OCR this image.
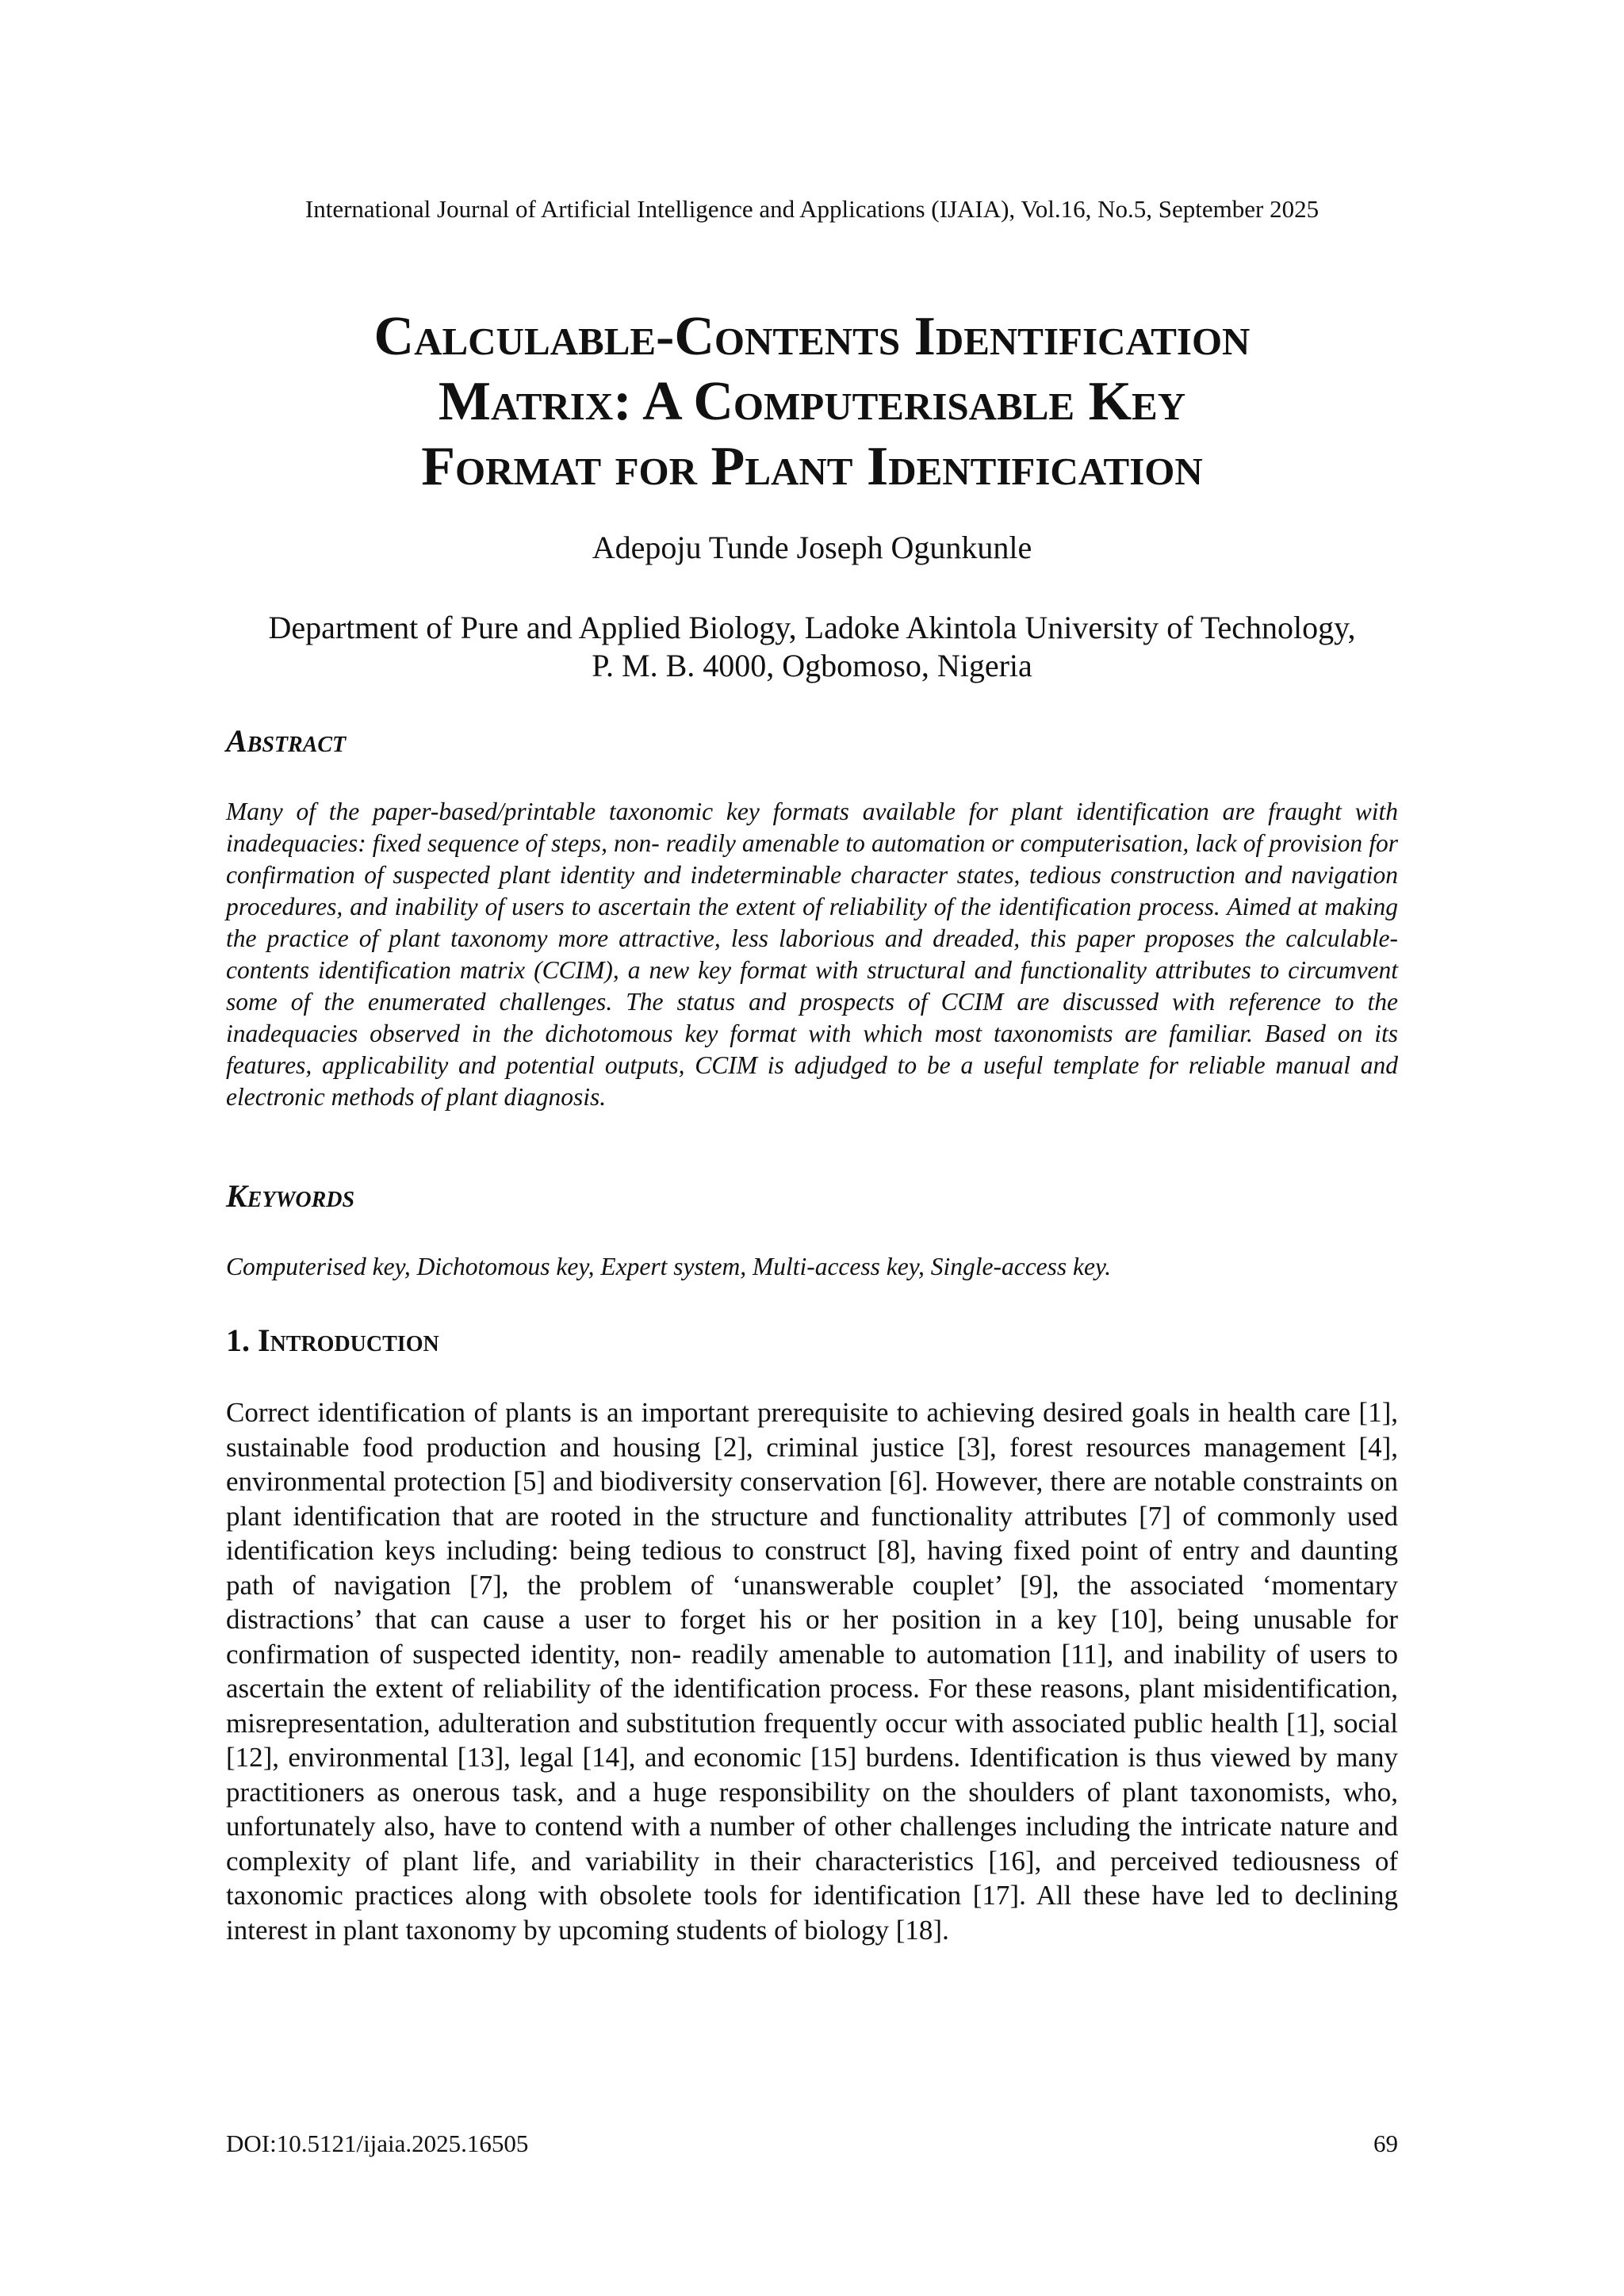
International Journal of Artificial Intelligence and Applications (IJAIA), Vol.16, No.5, September 2025
Calculable-Contents Identification
Matrix: A Computerisable Key
Format for Plant Identification
Adepoju Tunde Joseph Ogunkunle
Department of Pure and Applied Biology, Ladoke Akintola University of Technology,
P. M. B. 4000, Ogbomoso, Nigeria
Abstract

Many of the paper-based/printable taxonomic key formats available for plant identification are fraught with inadequacies: fixed sequence of steps, non- readily amenable to automation or computerisation, lack of provision for confirmation of suspected plant identity and indeterminable character states, tedious construction and navigation procedures, and inability of users to ascertain the extent of reliability of the identification process. Aimed at making the practice of plant taxonomy more attractive, less laborious and dreaded, this paper proposes the calculable-contents identification matrix (CCIM), a new key format with structural and functionality attributes to circumvent some of the enumerated challenges. The status and prospects of CCIM are discussed with reference to the inadequacies observed in the dichotomous key format with which most taxonomists are familiar. Based on its features, applicability and potential outputs, CCIM is adjudged to be a useful template for reliable manual and electronic methods of plant diagnosis.

Keywords

Computerised key, Dichotomous key, Expert system, Multi-access key, Single-access key.

1. Introduction

Correct identification of plants is an important prerequisite to achieving desired goals in health care [1], sustainable food production and housing [2], criminal justice [3], forest resources management [4], environmental protection [5] and biodiversity conservation [6]. However, there are notable constraints on plant identification that are rooted in the structure and functionality attributes [7] of commonly used identification keys including: being tedious to construct [8], having fixed point of entry and daunting path of navigation [7], the problem of ‘unanswerable couplet’ [9], the associated ‘momentary distractions’ that can cause a user to forget his or her position in a key [10], being unusable for confirmation of suspected identity, non- readily amenable to automation [11], and inability of users to ascertain the extent of reliability of the identification process. For these reasons, plant misidentification, misrepresentation, adulteration and substitution frequently occur with associated public health [1], social [12], environmental [13], legal [14], and economic [15] burdens. Identification is thus viewed by many practitioners as onerous task, and a huge responsibility on the shoulders of plant taxonomists, who, unfortunately also, have to contend with a number of other challenges including the intricate nature and complexity of plant life, and variability in their characteristics [16], and perceived tediousness of taxonomic practices along with obsolete tools for identification [17]. All these have led to declining interest in plant taxonomy by upcoming students of biology [18].

DOI:10.5121/ijaia.2025.16505	69
